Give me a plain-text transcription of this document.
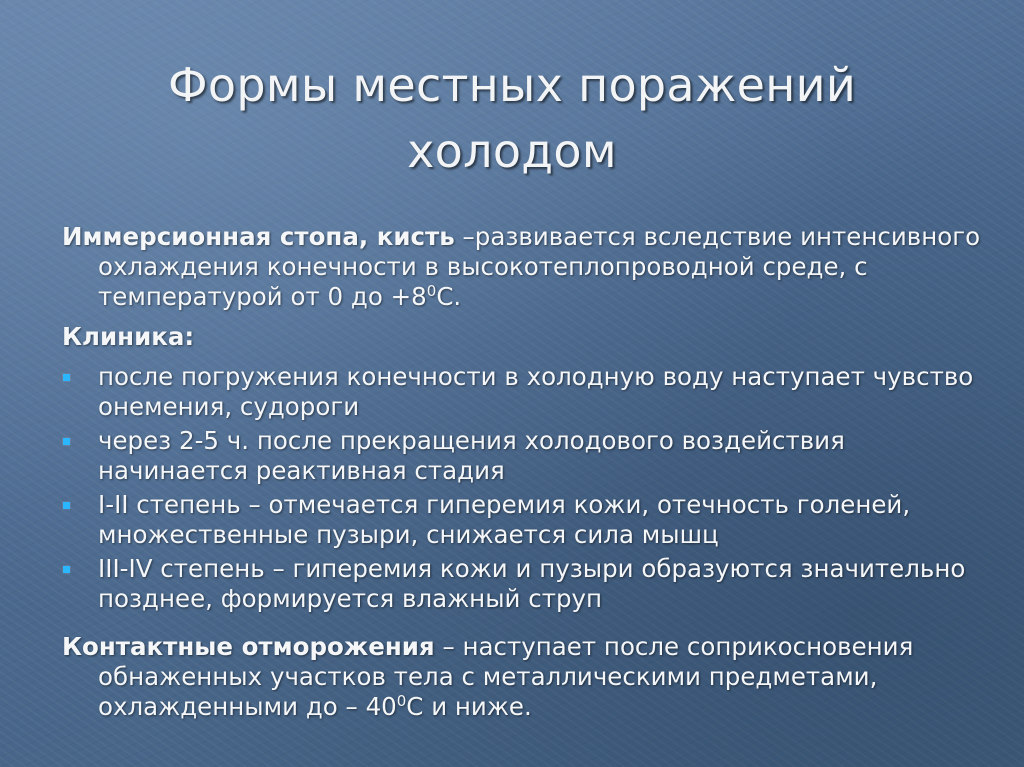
Формы местных поражений
холодом
Иммерсионная стопа, кисть –развивается вследствие интенсивного охлаждения конечности в высокотеплопроводной среде, с температурой от 0 до $+8^0С$.
Клиника:
после погружения конечности в холодную воду наступает чувство онемения, судороги
через 2-5 ч. после прекращения холодового воздействия начинается реактивная стадия
I-II степень – отмечается гиперемия кожи, отечность голеней, множественные пузыри, снижается сила мышц
III-IV степень – гиперемия кожи и пузыри образуются значительно позднее, формируется влажный струп
Контактные отморожения – наступает после соприкосновения обнаженных участков тела с металлическими предметами, охлажденными до – $40^0С$ и ниже.
